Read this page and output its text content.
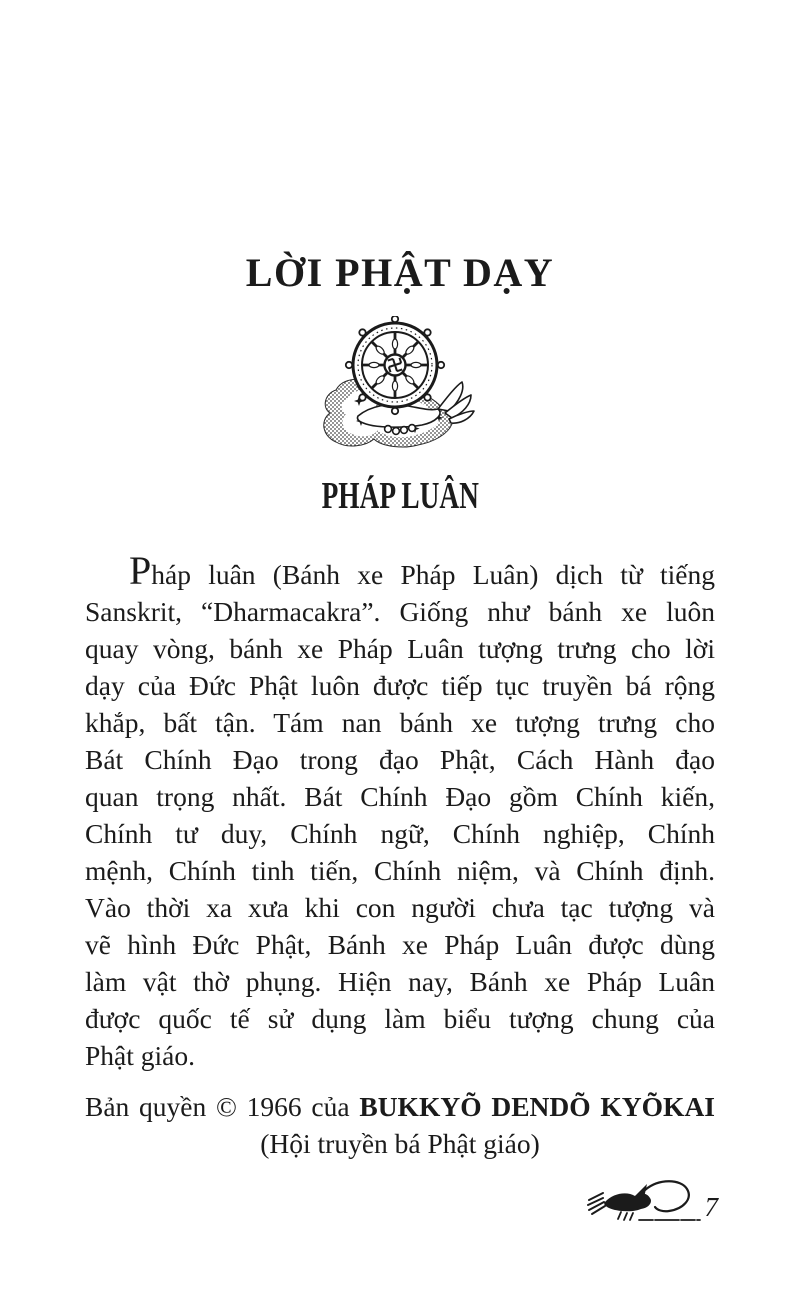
LỜI PHẬT DẠY
PHÁP LUÂN
Pháp luân (Bánh xe Pháp Luân) dịch từ tiếng
Sanskrit, “Dharmacakra”. Giống như bánh xe luôn
quay vòng, bánh xe Pháp Luân tượng trưng cho lời
dạy của Đức Phật luôn được tiếp tục truyền bá rộng
khắp, bất tận. Tám nan bánh xe tượng trưng cho
Bát Chính Đạo trong đạo Phật, Cách Hành đạo
quan trọng nhất. Bát Chính Đạo gồm Chính kiến,
Chính tư duy, Chính ngữ, Chính nghiệp, Chính
mệnh, Chính tinh tiến, Chính niệm, và Chính định.
Vào thời xa xưa khi con người chưa tạc tượng và
vẽ hình Đức Phật, Bánh xe Pháp Luân được dùng
làm vật thờ phụng. Hiện nay, Bánh xe Pháp Luân
được quốc tế sử dụng làm biểu tượng chung của
Phật giáo.
Bản quyền © 1966 của BUKKYÕ DENDÕ KYÕKAI
(Hội truyền bá Phật giáo)
7
